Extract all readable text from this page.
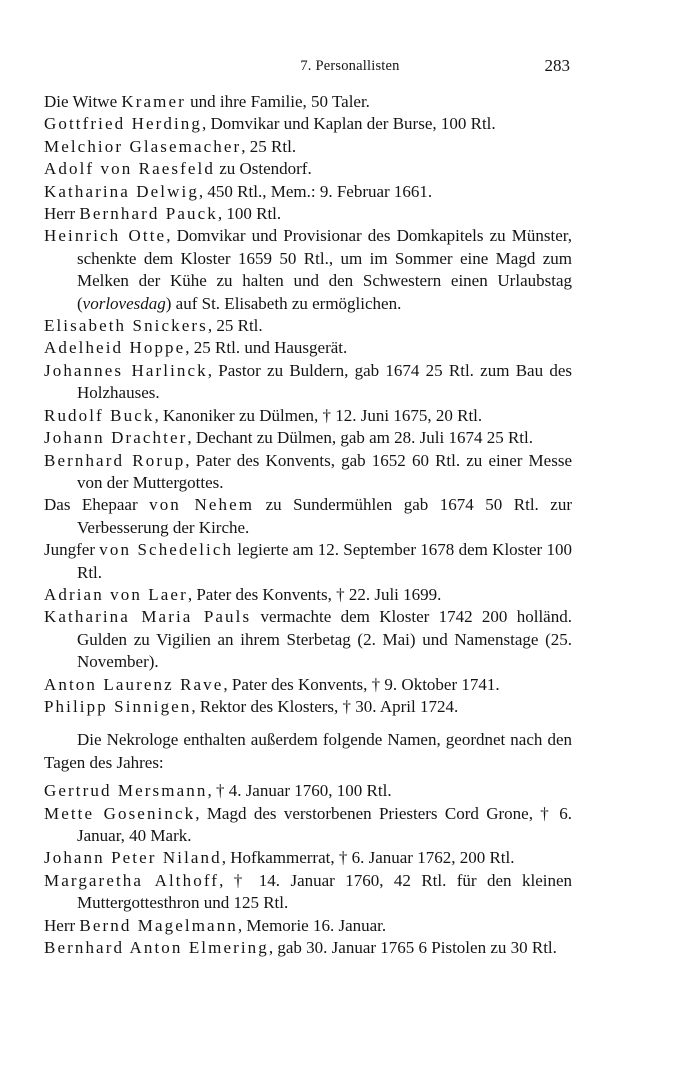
7. Personallisten	283
Die Witwe Kramer und ihre Familie, 50 Taler.
Gottfried Herding, Domvikar und Kaplan der Burse, 100 Rtl.
Melchior Glasemacher, 25 Rtl.
Adolf von Raesfeld zu Ostendorf.
Katharina Delwig, 450 Rtl., Mem.: 9. Februar 1661.
Herr Bernhard Pauck, 100 Rtl.
Heinrich Otte, Domvikar und Provisionar des Domkapitels zu Münster, schenkte dem Kloster 1659 50 Rtl., um im Sommer eine Magd zum Melken der Kühe zu halten und den Schwestern einen Urlaubstag (vorlovesdag) auf St. Elisabeth zu ermöglichen.
Elisabeth Snickers, 25 Rtl.
Adelheid Hoppe, 25 Rtl. und Hausgerät.
Johannes Harlinck, Pastor zu Buldern, gab 1674 25 Rtl. zum Bau des Holzhauses.
Rudolf Buck, Kanoniker zu Dülmen, † 12. Juni 1675, 20 Rtl.
Johann Drachter, Dechant zu Dülmen, gab am 28. Juli 1674 25 Rtl.
Bernhard Rorup, Pater des Konvents, gab 1652 60 Rtl. zu einer Messe von der Muttergottes.
Das Ehepaar von Nehem zu Sundermühlen gab 1674 50 Rtl. zur Verbesserung der Kirche.
Jungfer von Schedelich legierte am 12. September 1678 dem Kloster 100 Rtl.
Adrian von Laer, Pater des Konvents, † 22. Juli 1699.
Katharina Maria Pauls vermachte dem Kloster 1742 200 holländ. Gulden zu Vigilien an ihrem Sterbetag (2. Mai) und Namenstage (25. November).
Anton Laurenz Rave, Pater des Konvents, † 9. Oktober 1741.
Philipp Sinnigen, Rektor des Klosters, † 30. April 1724.

Die Nekrologe enthalten außerdem folgende Namen, geordnet nach den Tagen des Jahres:

Gertrud Mersmann, † 4. Januar 1760, 100 Rtl.
Mette Goseninck, Magd des verstorbenen Priesters Cord Grone, † 6. Januar, 40 Mark.
Johann Peter Niland, Hofkammerrat, † 6. Januar 1762, 200 Rtl.
Margaretha Althoff, † 14. Januar 1760, 42 Rtl. für den kleinen Muttergottesthron und 125 Rtl.
Herr Bernd Magelmann, Memorie 16. Januar.
Bernhard Anton Elmering, gab 30. Januar 1765 6 Pistolen zu 30 Rtl.
